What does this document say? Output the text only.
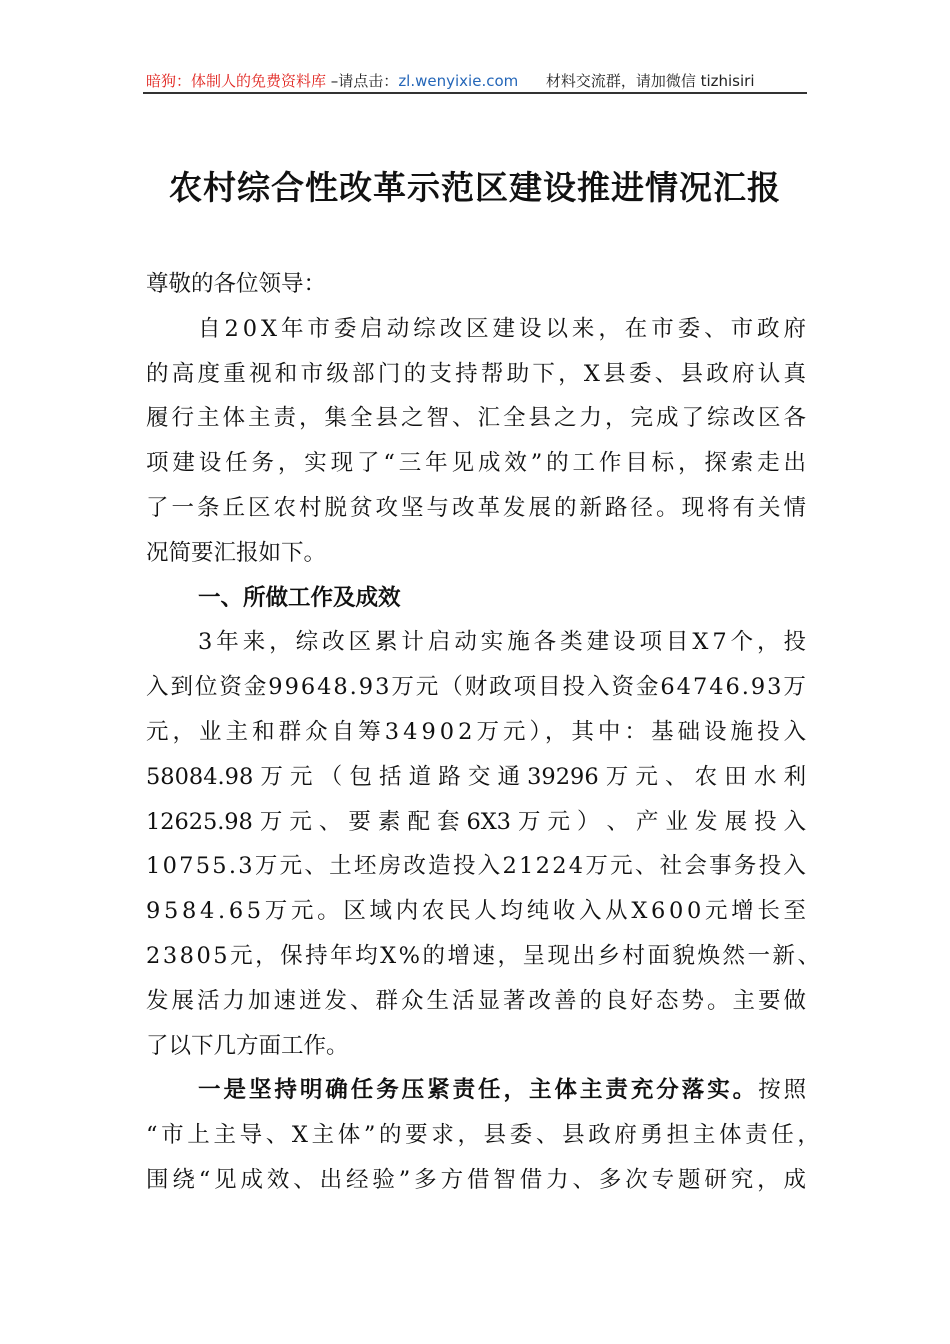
暗狗：体制人的免费资料库 –请点击：zl.wenyixie.com 材料交流群，请加微信 tizhisiri
农村综合性改革示范区建设推进情况汇报
尊敬的各位领导：
自20X年市委启动综改区建设以来，在市委、市政府
的高度重视和市级部门的支持帮助下，X县委、县政府认真
履行主体主责，集全县之智、汇全县之力，完成了综改区各
项建设任务，实现了“三年见成效”的工作目标，探索走出
了一条丘区农村脱贫攻坚与改革发展的新路径。现将有关情
况简要汇报如下。
一、所做工作及成效
3年来，综改区累计启动实施各类建设项目X7个，投
入到位资金99648.93万元（财政项目投入资金64746.93万
元，业主和群众自筹34902万元），其中：基础设施投入
58084.98 万 元 （ 包 括 道 路 交 通 39296 万 元 、 农 田 水 利
12625.98 万 元 、 要 素 配 套 6X3 万 元 ） 、 产 业 发 展 投 入
10755.3万元、土坯房改造投入21224万元、社会事务投入
9584.65万元。区域内农民人均纯收入从X600元增长至
23805元，保持年均X%的增速，呈现出乡村面貌焕然一新、
发展活力加速迸发、群众生活显著改善的良好态势。主要做
了以下几方面工作。
一是坚持明确任务压紧责任，主体主责充分落实。按照
“市上主导、X主体”的要求，县委、县政府勇担主体责任，
围绕“见成效、出经验”多方借智借力、多次专题研究，成
